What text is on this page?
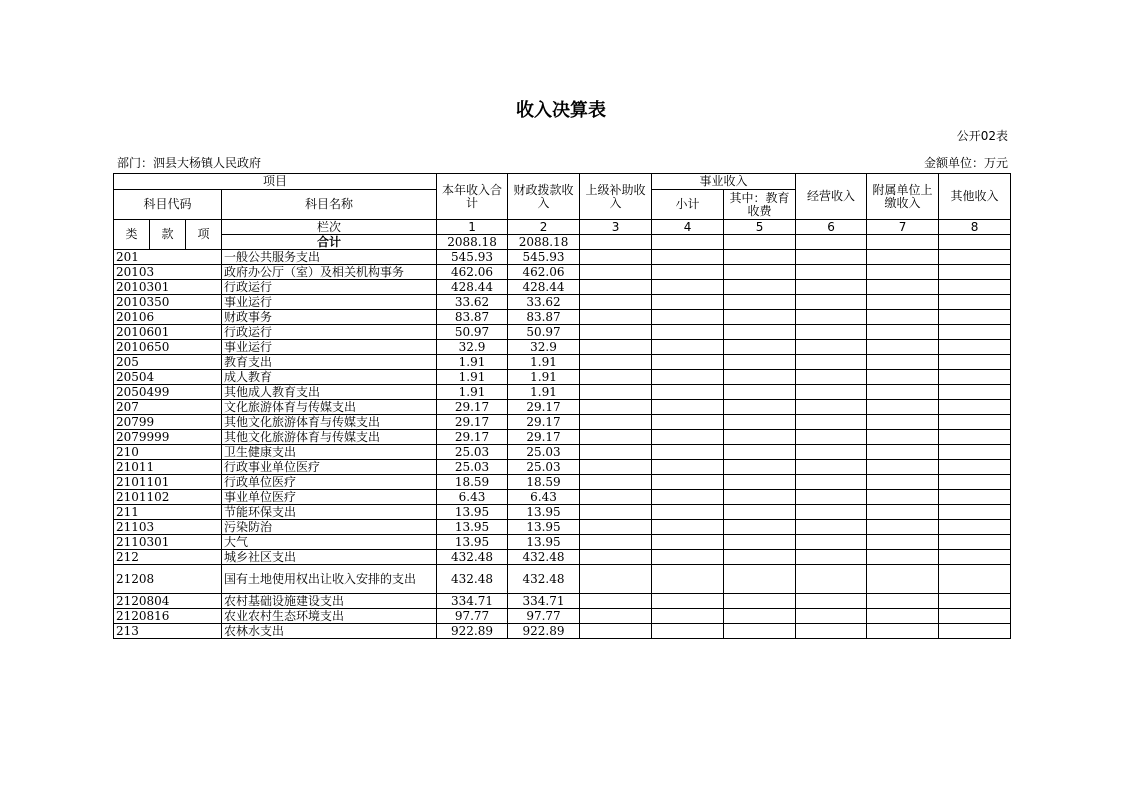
收入决算表
公开02表
部门：泗县大杨镇人民政府	金额单位：万元
项目				本年收入合计	财政拨款收入	上级补助收入	事业收入		经营收入	附属单位上缴收入	其他收入
科目代码			科目名称				小计	其中：教育收费			
类	款	项	栏次	1	2	3	4	5	6	7	8
			合计	2088.18	2088.18						
201			一般公共服务支出	545.93	545.93						
20103			政府办公厅（室）及相关机构事务	462.06	462.06						
2010301			行政运行	428.44	428.44						
2010350			事业运行	33.62	33.62						
20106			财政事务	83.87	83.87						
2010601			行政运行	50.97	50.97						
2010650			事业运行	32.9	32.9						
205			教育支出	1.91	1.91						
20504			成人教育	1.91	1.91						
2050499			其他成人教育支出	1.91	1.91						
207			文化旅游体育与传媒支出	29.17	29.17						
20799			其他文化旅游体育与传媒支出	29.17	29.17						
2079999			其他文化旅游体育与传媒支出	29.17	29.17						
210			卫生健康支出	25.03	25.03						
21011			行政事业单位医疗	25.03	25.03						
2101101			行政单位医疗	18.59	18.59						
2101102			事业单位医疗	6.43	6.43						
211			节能环保支出	13.95	13.95						
21103			污染防治	13.95	13.95						
2110301			大气	13.95	13.95						
212			城乡社区支出	432.48	432.48						
21208			国有土地使用权出让收入安排的支出	432.48	432.48						
2120804			农村基础设施建设支出	334.71	334.71						
2120816			农业农村生态环境支出	97.77	97.77						
213			农林水支出	922.89	922.89						
